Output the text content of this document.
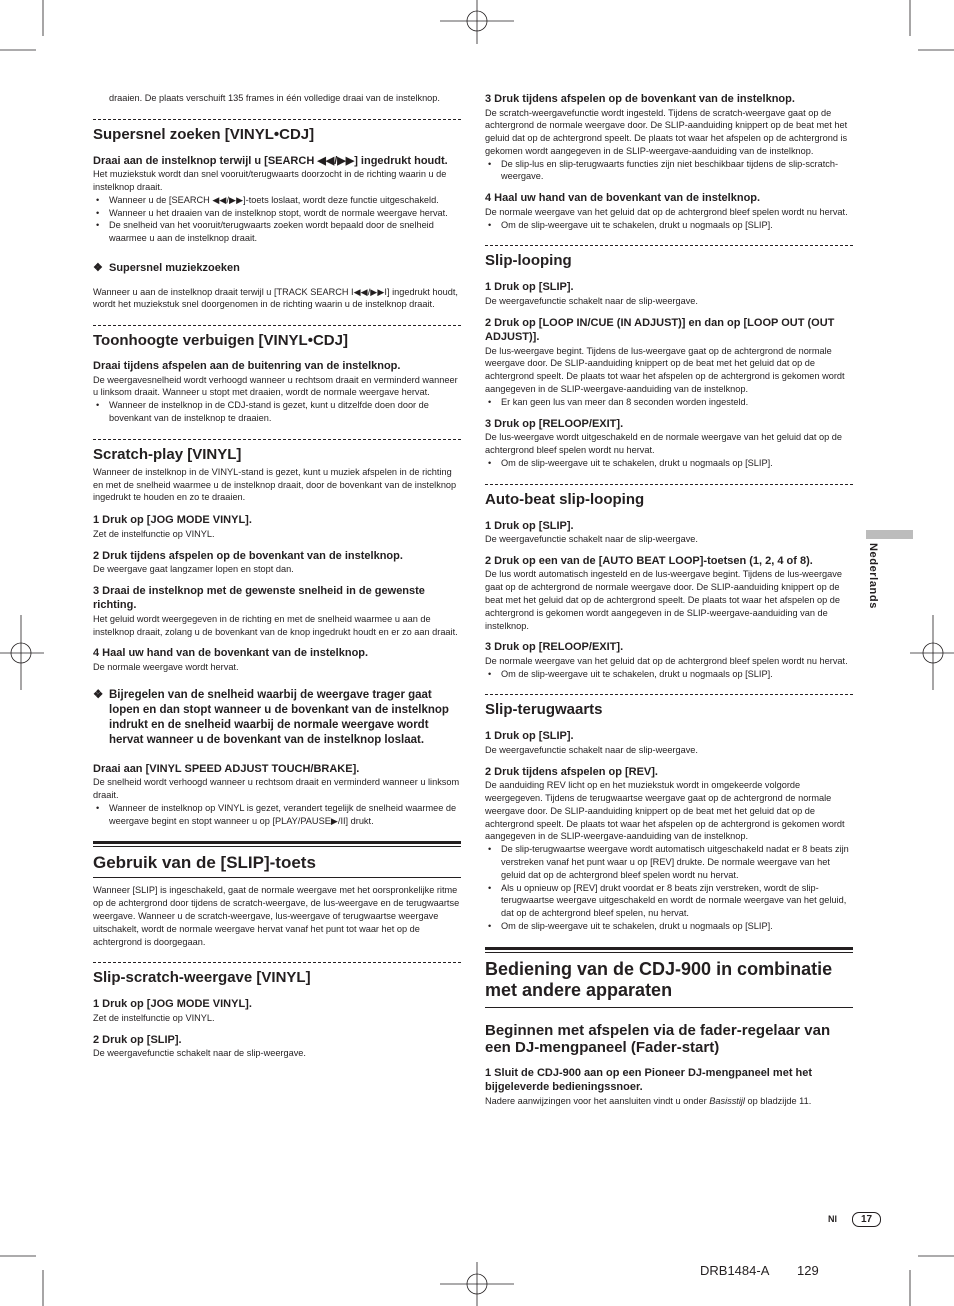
Nederlands

draaien. De plaats verschuift 135 frames in één volledige draai van de instelknop.

Supersnel zoeken [VINYL•CDJ]

Draai aan de instelknop terwijl u [SEARCH ◀◀/▶▶] ingedrukt houdt.

Het muziekstuk wordt dan snel vooruit/terugwaarts doorzocht in de richting waarin u de instelknop draait.

• Wanneer u de [SEARCH ◀◀/▶▶]-toets loslaat, wordt deze functie uitgeschakeld.
• Wanneer u het draaien van de instelknop stopt, wordt de normale weergave hervat.
• De snelheid van het vooruit/terugwaarts zoeken wordt bepaald door de snelheid waarmee u aan de instelknop draait.

❖ Supersnel muziekzoeken

Wanneer u aan de instelknop draait terwijl u [TRACK SEARCH I◀◀/▶▶I] ingedrukt houdt, wordt het muziekstuk snel doorgenomen in de richting waarin u de instelknop draait.

Toonhoogte verbuigen [VINYL•CDJ]

Draai tijdens afspelen aan de buitenring van de instelknop.

De weergavesnelheid wordt verhoogd wanneer u rechtsom draait en verminderd wanneer u linksom draait. Wanneer u stopt met draaien, wordt de normale weergave hervat.

• Wanneer de instelknop in de CDJ-stand is gezet, kunt u ditzelfde doen door de bovenkant van de instelknop te draaien.

Scratch-play [VINYL]

Wanneer de instelknop in de VINYL-stand is gezet, kunt u muziek afspelen in de richting en met de snelheid waarmee u de instelknop draait, door de bovenkant van de instelknop ingedrukt te houden en zo te draaien.

1 Druk op [JOG MODE VINYL].

Zet de instelfunctie op VINYL.

2 Druk tijdens afspelen op de bovenkant van de instelknop.

De weergave gaat langzamer lopen en stopt dan.

3 Draai de instelknop met de gewenste snelheid in de gewenste richting.

Het geluid wordt weergegeven in de richting en met de snelheid waarmee u aan de instelknop draait, zolang u de bovenkant van de knop ingedrukt houdt en er zo aan draait.

4 Haal uw hand van de bovenkant van de instelknop.

De normale weergave wordt hervat.

❖ Bijregelen van de snelheid waarbij de weergave trager gaat lopen en dan stopt wanneer u de bovenkant van de instelknop indrukt en de snelheid waarbij de normale weergave wordt hervat wanneer u de bovenkant van de instelknop loslaat.

Draai aan [VINYL SPEED ADJUST TOUCH/BRAKE].

De snelheid wordt verhoogd wanneer u rechtsom draait en verminderd wanneer u linksom draait.

• Wanneer de instelknop op VINYL is gezet, verandert tegelijk de snelheid waarmee de weergave begint en stopt wanneer u op [PLAY/PAUSE▶/II] drukt.

Gebruik van de [SLIP]-toets

Wanneer [SLIP] is ingeschakeld, gaat de normale weergave met het oorspronkelijke ritme op de achtergrond door tijdens de scratch-weergave, de lus-weergave en de terugwaartse weergave. Wanneer u de scratch-weergave, lus-weergave of terugwaartse weergave uitschakelt, wordt de normale weergave hervat vanaf het punt tot waar het op de achtergrond is doorgegaan.

Slip-scratch-weergave [VINYL]

1 Druk op [JOG MODE VINYL].

Zet de instelfunctie op VINYL.

2 Druk op [SLIP].

De weergavefunctie schakelt naar de slip-weergave.

3 Druk tijdens afspelen op de bovenkant van de instelknop.

De scratch-weergavefunctie wordt ingesteld. Tijdens de scratch-weergave gaat op de achtergrond de normale weergave door. De SLIP-aanduiding knippert op de beat met het geluid dat op de achtergrond speelt. De plaats tot waar het afspelen op de achtergrond is gekomen wordt aangegeven in de SLIP-weergave-aanduiding van de instelknop.

• De slip-lus en slip-terugwaarts functies zijn niet beschikbaar tijdens de slip-scratch-weergave.

4 Haal uw hand van de bovenkant van de instelknop.

De normale weergave van het geluid dat op de achtergrond bleef spelen wordt nu hervat.

• Om de slip-weergave uit te schakelen, drukt u nogmaals op [SLIP].

Slip-looping

1 Druk op [SLIP].

De weergavefunctie schakelt naar de slip-weergave.

2 Druk op [LOOP IN/CUE (IN ADJUST)] en dan op [LOOP OUT (OUT ADJUST)].

De lus-weergave begint. Tijdens de lus-weergave gaat op de achtergrond de normale weergave door. De SLIP-aanduiding knippert op de beat met het geluid dat op de achtergrond speelt. De plaats tot waar het afspelen op de achtergrond is gekomen wordt aangegeven in de SLIP-weergave-aanduiding van de instelknop.

• Er kan geen lus van meer dan 8 seconden worden ingesteld.

3 Druk op [RELOOP/EXIT].

De lus-weergave wordt uitgeschakeld en de normale weergave van het geluid dat op de achtergrond bleef spelen wordt nu hervat.

• Om de slip-weergave uit te schakelen, drukt u nogmaals op [SLIP].

Auto-beat slip-looping

1 Druk op [SLIP].

De weergavefunctie schakelt naar de slip-weergave.

2 Druk op een van de [AUTO BEAT LOOP]-toetsen (1, 2, 4 of 8).

De lus wordt automatisch ingesteld en de lus-weergave begint. Tijdens de lus-weergave gaat op de achtergrond de normale weergave door. De SLIP-aanduiding knippert op de beat met het geluid dat op de achtergrond speelt. De plaats tot waar het afspelen op de achtergrond is gekomen wordt aangegeven in de SLIP-weergave-aanduiding van de instelknop.

3 Druk op [RELOOP/EXIT].

De normale weergave van het geluid dat op de achtergrond bleef spelen wordt nu hervat.

• Om de slip-weergave uit te schakelen, drukt u nogmaals op [SLIP].

Slip-terugwaarts

1 Druk op [SLIP].

De weergavefunctie schakelt naar de slip-weergave.

2 Druk tijdens afspelen op [REV].

De aanduiding REV licht op en het muziekstuk wordt in omgekeerde volgorde weergegeven. Tijdens de terugwaartse weergave gaat op de achtergrond de normale weergave door. De SLIP-aanduiding knippert op de beat met het geluid dat op de achtergrond speelt. De plaats tot waar het afspelen op de achtergrond is gekomen wordt aangegeven in de SLIP-weergave-aanduiding van de instelknop.

• De slip-terugwaartse weergave wordt automatisch uitgeschakeld nadat er 8 beats zijn verstreken vanaf het punt waar u op [REV] drukte. De normale weergave van het geluid dat op de achtergrond bleef spelen wordt nu hervat.
• Als u opnieuw op [REV] drukt voordat er 8 beats zijn verstreken, wordt de slip-terugwaartse weergave uitgeschakeld en wordt de normale weergave van het geluid, dat op de achtergrond bleef spelen, nu hervat.
• Om de slip-weergave uit te schakelen, drukt u nogmaals op [SLIP].

Bediening van de CDJ-900 in combinatie met andere apparaten

Beginnen met afspelen via de fader-regelaar van een DJ-mengpaneel (Fader-start)

1 Sluit de CDJ-900 aan op een Pioneer DJ-mengpaneel met het bijgeleverde bedieningssnoer.

Nadere aanwijzingen voor het aansluiten vindt u onder Basisstijl op bladzijde 11.

Nl	17
DRB1484-A 129
